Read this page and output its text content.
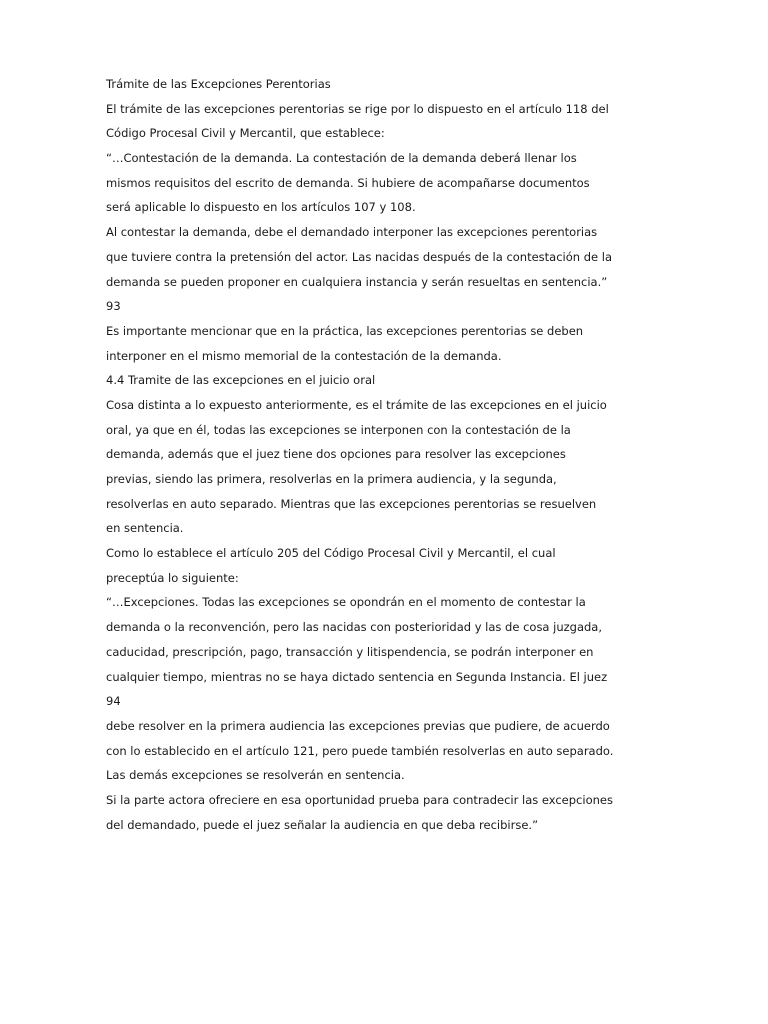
Trámite de las Excepciones Perentorias
El trámite de las excepciones perentorias se rige por lo dispuesto en el artículo 118 del
Código Procesal Civil y Mercantil, que establece:
“…Contestación de la demanda. La contestación de la demanda deberá llenar los
mismos requisitos del escrito de demanda. Si hubiere de acompañarse documentos
será aplicable lo dispuesto en los artículos 107 y 108.
Al contestar la demanda, debe el demandado interponer las excepciones perentorias
que tuviere contra la pretensión del actor. Las nacidas después de la contestación de la
demanda se pueden proponer en cualquiera instancia y serán resueltas en sentencia.”
93
Es importante mencionar que en la práctica, las excepciones perentorias se deben
interponer en el mismo memorial de la contestación de la demanda.
4.4 Tramite de las excepciones en el juicio oral
Cosa distinta a lo expuesto anteriormente, es el trámite de las excepciones en el juicio
oral, ya que en él, todas las excepciones se interponen con la contestación de la
demanda, además que el juez tiene dos opciones para resolver las excepciones
previas, siendo las primera, resolverlas en la primera audiencia, y la segunda,
resolverlas en auto separado. Mientras que las excepciones perentorias se resuelven
en sentencia.
Como lo establece el artículo 205 del Código Procesal Civil y Mercantil, el cual
preceptúa lo siguiente:
“…Excepciones. Todas las excepciones se opondrán en el momento de contestar la
demanda o la reconvención, pero las nacidas con posterioridad y las de cosa juzgada,
caducidad, prescripción, pago, transacción y litispendencia, se podrán interponer en
cualquier tiempo, mientras no se haya dictado sentencia en Segunda Instancia. El juez
94
debe resolver en la primera audiencia las excepciones previas que pudiere, de acuerdo
con lo establecido en el artículo 121, pero puede también resolverlas en auto separado.
Las demás excepciones se resolverán en sentencia.
Si la parte actora ofreciere en esa oportunidad prueba para contradecir las excepciones
del demandado, puede el juez señalar la audiencia en que deba recibirse.”
